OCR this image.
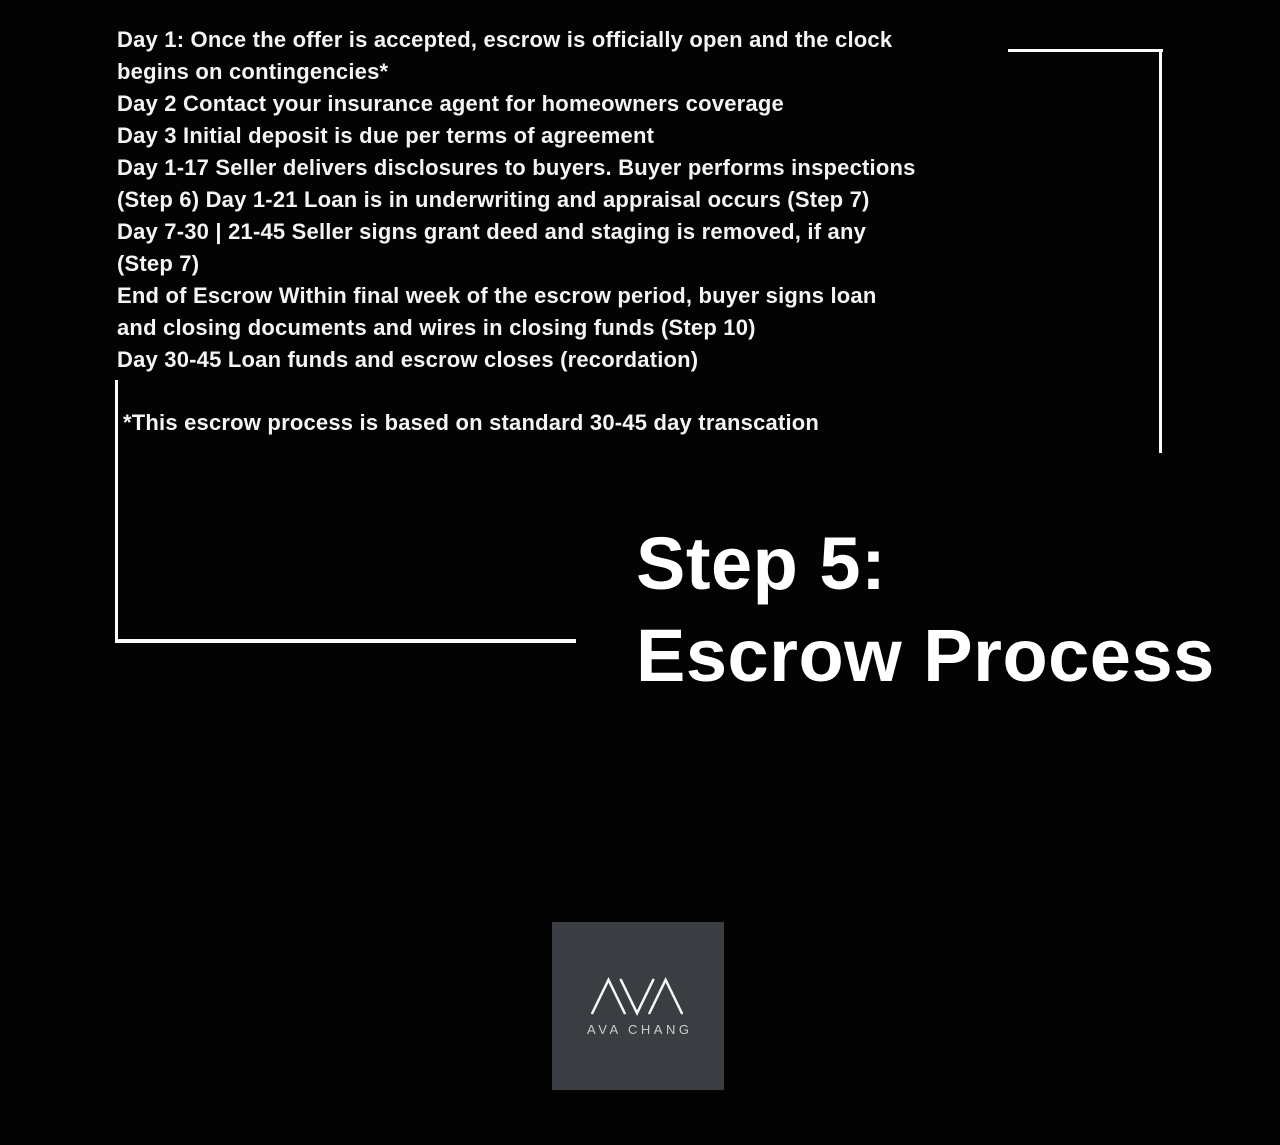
Day 1: Once the offer is accepted, escrow is officially open and the clock
begins on contingencies*
Day 2 Contact your insurance agent for homeowners coverage
Day 3 Initial deposit is due per terms of agreement
Day 1-17 Seller delivers disclosures to buyers. Buyer performs inspections
(Step 6) Day 1-21 Loan is in underwriting and appraisal occurs (Step 7)
Day 7-30 | 21-45 Seller signs grant deed and staging is removed, if any
(Step 7)
End of Escrow Within final week of the escrow period, buyer signs loan
and closing documents and wires in closing funds (Step 10)
Day 30-45 Loan funds and escrow closes (recordation)
*This escrow process is based on standard 30-45 day transcation
Step 5:
Escrow Process
AVA CHANG
